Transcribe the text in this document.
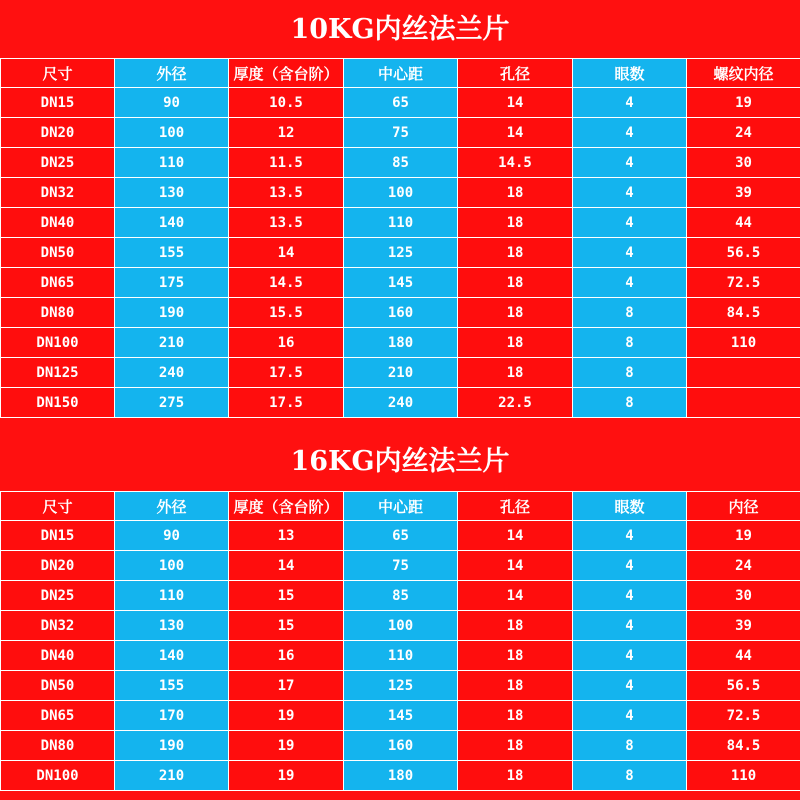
10KG内丝法兰片
尺寸	外径	厚度（含台阶）	中心距	孔径	眼数	螺纹内径
DN15	90	10.5	65	14	4	19
DN20	100	12	75	14	4	24
DN25	110	11.5	85	14.5	4	30
DN32	130	13.5	100	18	4	39
DN40	140	13.5	110	18	4	44
DN50	155	14	125	18	4	56.5
DN65	175	14.5	145	18	4	72.5
DN80	190	15.5	160	18	8	84.5
DN100	210	16	180	18	8	110
DN125	240	17.5	210	18	8	
DN150	275	17.5	240	22.5	8	
16KG内丝法兰片
尺寸	外径	厚度（含台阶）	中心距	孔径	眼数	内径
DN15	90	13	65	14	4	19
DN20	100	14	75	14	4	24
DN25	110	15	85	14	4	30
DN32	130	15	100	18	4	39
DN40	140	16	110	18	4	44
DN50	155	17	125	18	4	56.5
DN65	170	19	145	18	4	72.5
DN80	190	19	160	18	8	84.5
DN100	210	19	180	18	8	110
